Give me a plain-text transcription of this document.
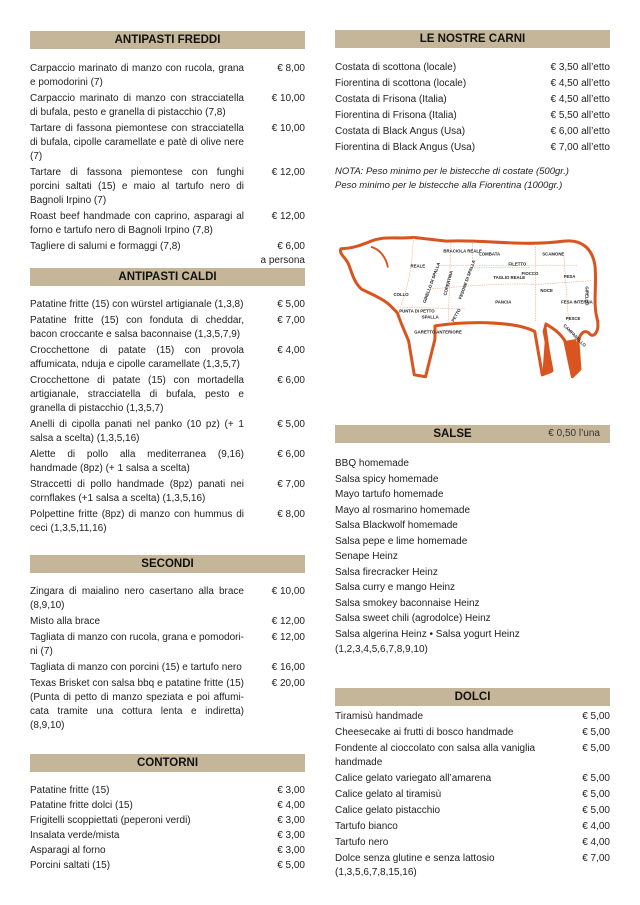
ANTIPASTI FREDDI
Carpaccio marinato di manzo con rucola, grana e pomodorini (7)
€ 8,00
Carpaccio marinato di manzo con stracciatella di bufala, pesto e granella di pistacchio (7,8)
€ 10,00
Tartare di fassona piemontese con stracciatella di bufala, cipolle caramellate e patè di olive nere (7)
€ 10,00
Tartare di fassona piemontese con funghi porcini saltati (15) e maio al tartufo nero di Bagnoli Irpino (7)
€ 12,00
Roast beef handmade con caprino, asparagi al forno e tartufo nero di Bagnoli Irpino (7,8)
€ 12,00
Tagliere di salumi e formaggi (7,8)	€ 6,00
a persona
ANTIPASTI CALDI
Patatine fritte (15) con würstel artigianale (1,3,8)	€ 5,00
Patatine fritte (15) con fonduta di cheddar, bacon croccante e salsa baconnaise (1,3,5,7,9)
€ 7,00
Crocchettone di patate (15) con provola affumicata, nduja e cipolle caramellate (1,3,5,7)
€ 4,00
Crocchettone di patate (15) con mortadella artigianale, stracciatella di bufala, pesto e granella di pistacchio (1,3,5,7)
€ 6,00
Anelli di cipolla panati nel panko (10 pz) (+ 1 salsa a scelta) (1,3,5,16)
€ 5,00
Alette di pollo alla mediterranea (9,16) handmade (8pz) (+ 1 salsa a scelta)
€ 6,00
Straccetti di pollo handmade (8pz) panati nei cornflakes (+1 salsa a scelta) (1,3,5,16)
€ 7,00
Polpettine fritte (8pz) di manzo con hummus di ceci (1,3,5,11,16)
€ 8,00
SECONDI
Zingara di maialino nero casertano alla brace (8,9,10)
€ 10,00
Misto alla brace	€ 12,00
Tagliata di manzo con rucola, grana e pomodori-ni (7)
€ 12,00
Tagliata di manzo con porcini (15) e tartufo nero	€ 16,00
Texas Brisket con salsa bbq e patatine fritte (15) (Punta di petto di manzo speziata e poi affumi-cata tramite una cottura lenta e indiretta) (8,9,10)
€ 20,00
CONTORNI
Patatine fritte (15)	€ 3,00
Patatine fritte dolci (15)	€ 4,00
Frigitelli scoppiettati (peperoni verdi)	€ 3,00
Insalata verde/mista	€ 3,00
Asparagi al forno	€ 3,00
Porcini saltati (15)	€ 5,00
LE NOSTRE CARNI
Costata di scottona (locale)	€ 3,50 all’etto
Fiorentina di scottona (locale)	€ 4,50 all’etto
Costata di Frisona (Italia)	€ 4,50 all’etto
Fiorentina di Frisona (Italia)	€ 5,50 all’etto
Costata di Black Angus (Usa)	€ 6,00 all’etto
Fiorentina di Black Angus (Usa)	€ 7,00 all’etto
NOTA: Peso minimo per le bistecche di costate (500gr.)
Peso minimo per le bistecche alla Fiorentina (1000gr.)
REALE
BRACIOLA REALE
LOMBATA
FILETTO
SCAMONE
FIOCCO
FESA
GIRELLO
COLLO	GIRELLO DI SPALLA COPERTINA FESONE DI SPALLA	TAGLIO REALE
NOCE
PANCIA	FESA INTERNA
PUNTA DI PETTO
SPALLA	PETTO	PESCE
CAMPANELLO
GARETTO ANTERIORE
SALSE	€ 0,50 l’una
BBQ homemade
Salsa spicy homemade
Mayo tartufo homemade
Mayo al rosmarino homemade
Salsa Blackwolf homemade
Salsa pepe e lime homemade
Senape Heinz
Salsa firecracker Heinz
Salsa curry e mango Heinz
Salsa smokey baconnaise Heinz
Salsa sweet chili (agrodolce) Heinz
Salsa algerina Heinz • Salsa yogurt Heinz
(1,2,3,4,5,6,7,8,9,10)
DOLCI
Tiramisù handmade	€ 5,00
Cheesecake ai frutti di bosco handmade	€ 5,00
Fondente al cioccolato con salsa alla vaniglia handmade
€ 5,00
Calice gelato variegato all’amarena	€ 5,00
Calice gelato al tiramisù	€ 5,00
Calice gelato pistacchio	€ 5,00
Tartufo bianco	€ 4,00
Tartufo nero	€ 4,00
Dolce senza glutine e senza lattosio (1,3,5,6,7,8,15,16)
€ 7,00
